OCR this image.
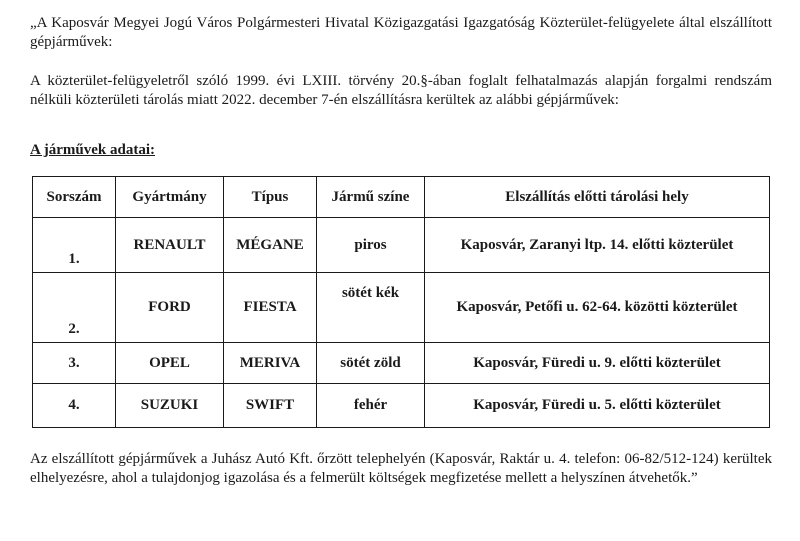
„A Kaposvár Megyei Jogú Város Polgármesteri Hivatal Közigazgatási Igazgatóság Közterület-felügyelete által elszállított gépjárművek:

A közterület-felügyeletről szóló 1999. évi LXIII. törvény 20.§-ában foglalt felhatalmazás alapján forgalmi rendszám nélküli közterületi tárolás miatt 2022. december 7-én elszállításra kerültek az alábbi gépjárművek:

A járművek adatai:

Sorszám	Gyártmány	Típus	Jármű színe	Elszállítás előtti tárolási hely
1.	RENAULT	MÉGANE	piros	Kaposvár, Zaranyi ltp. 14. előtti közterület
2.	FORD	FIESTA	sötét kék	Kaposvár, Petőfi u. 62-64. közötti közterület
3.	OPEL	MERIVA	sötét zöld	Kaposvár, Füredi u. 9. előtti közterület
4.	SUZUKI	SWIFT	fehér	Kaposvár, Füredi u. 5. előtti közterület

Az elszállított gépjárművek a Juhász Autó Kft. őrzött telephelyén (Kaposvár, Raktár u. 4. telefon: 06-82/512-124) kerültek elhelyezésre, ahol a tulajdonjog igazolása és a felmerült költségek megfizetése mellett a helyszínen átvehetők.”
